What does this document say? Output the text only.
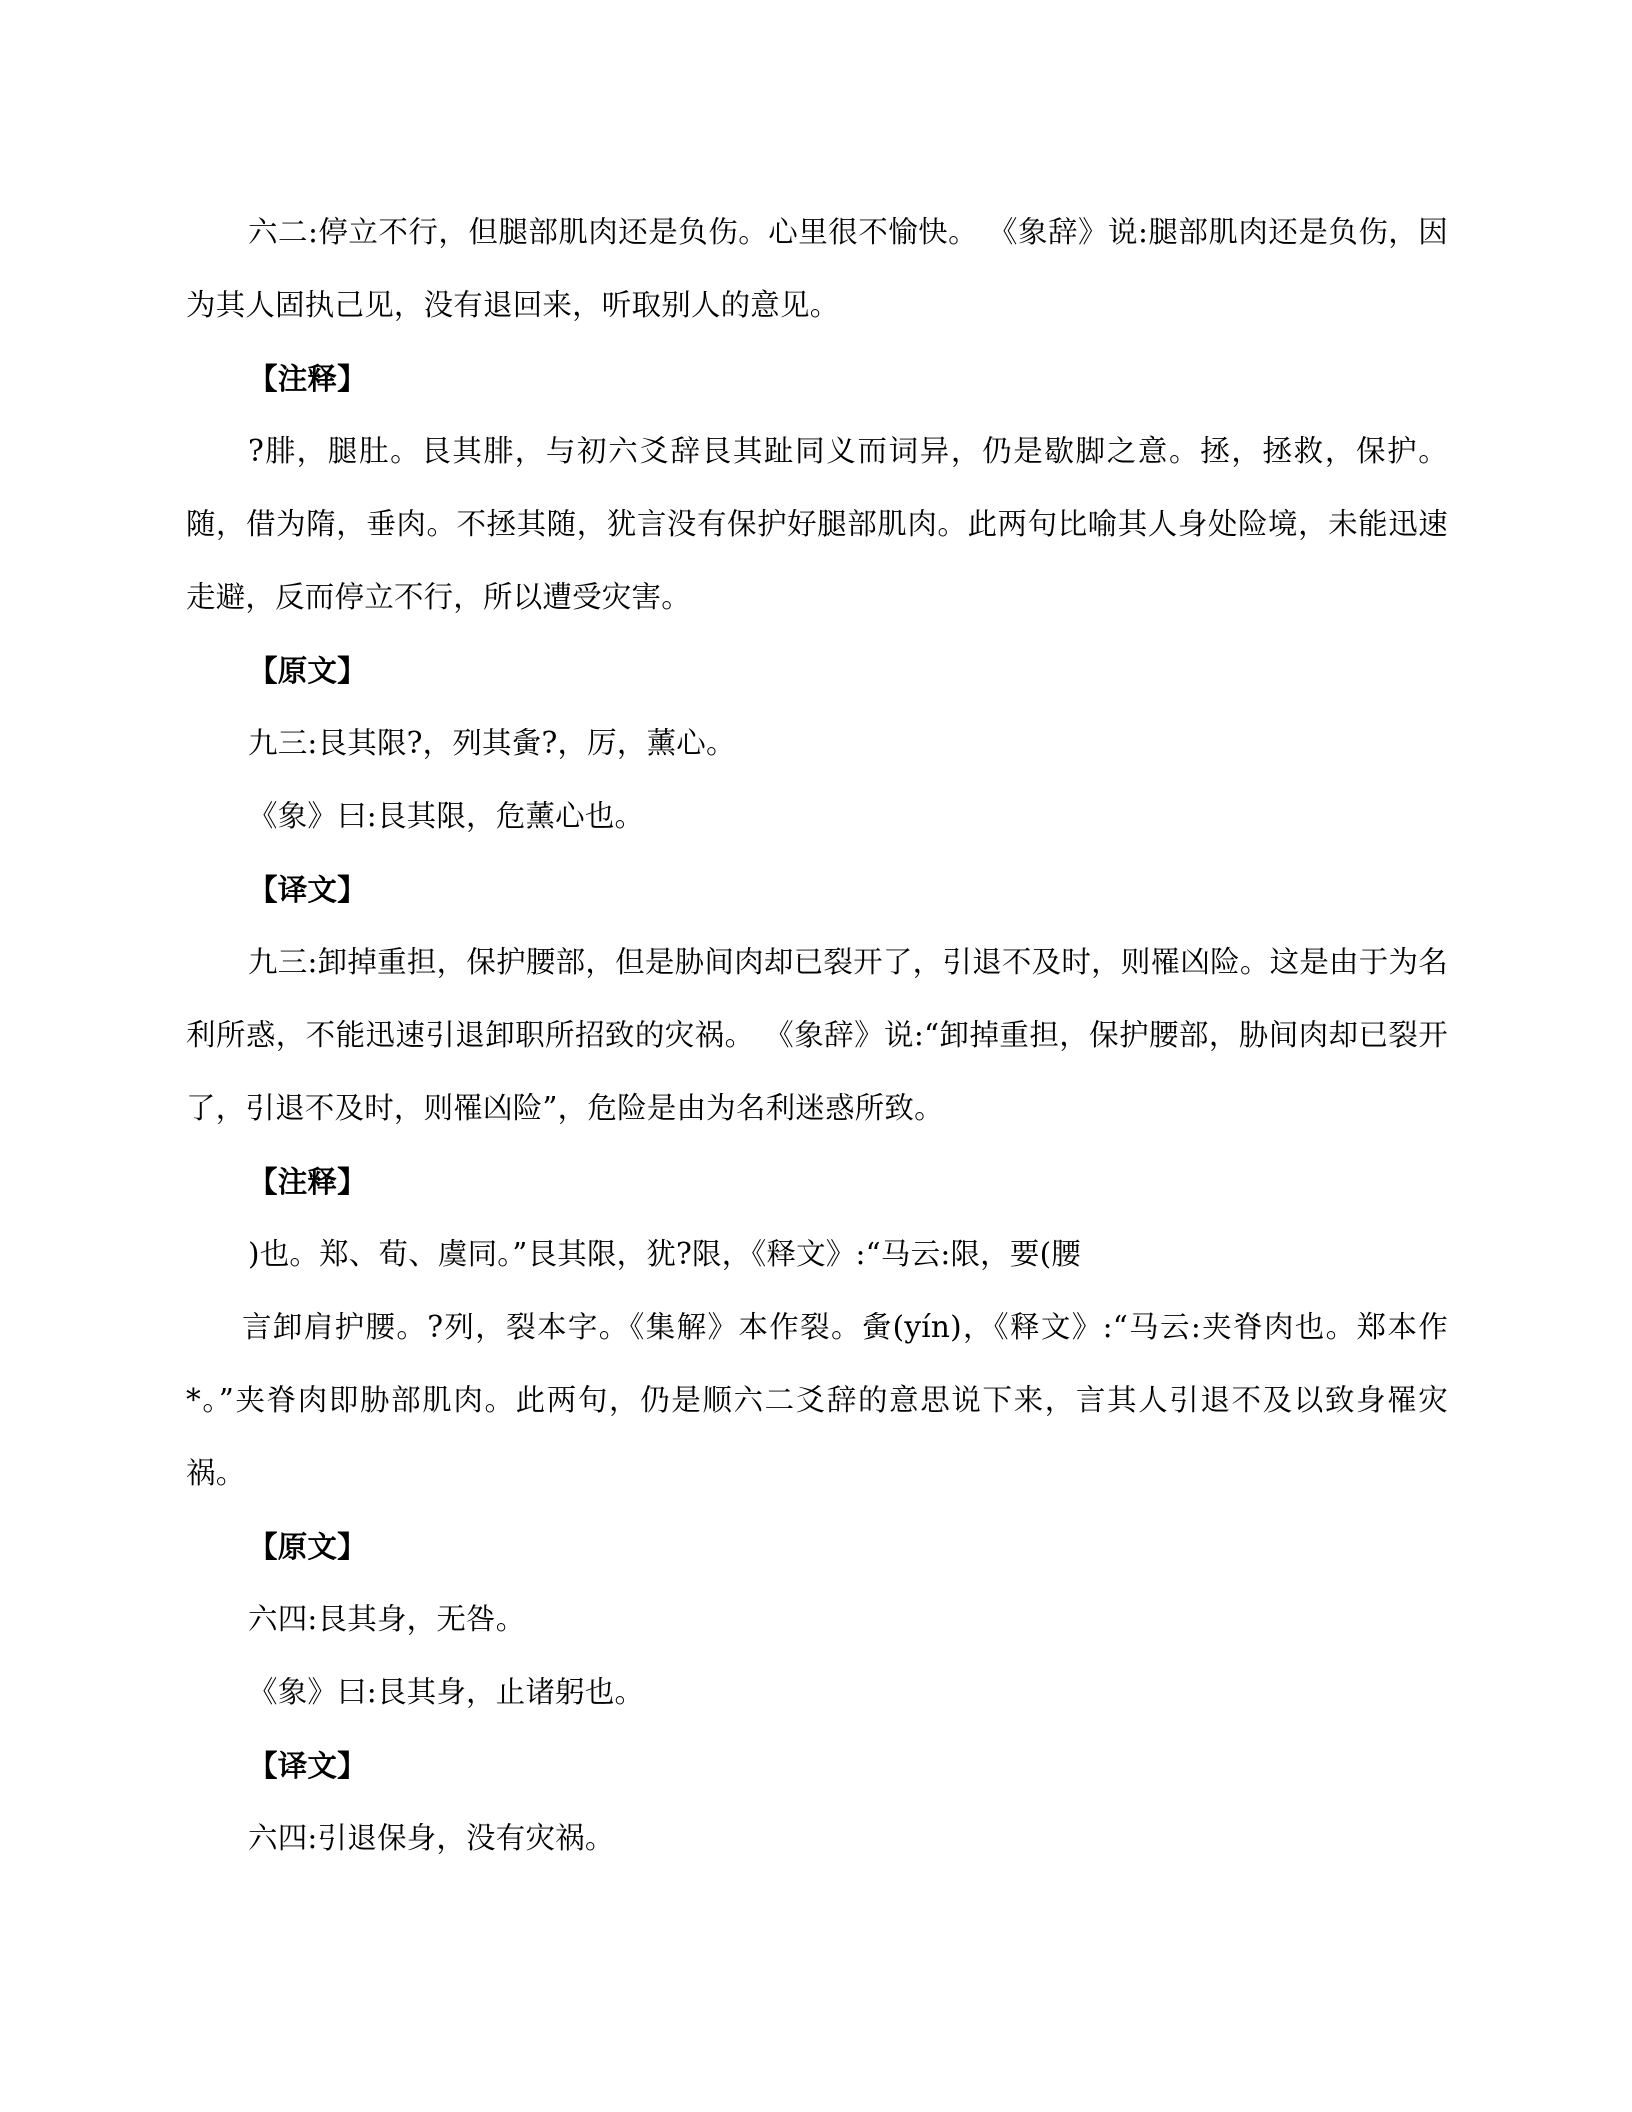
六二:停立不行，但腿部肌肉还是负伤。心里很不愉快。 《象辞》说:腿部肌肉还是负伤，因为其人固执己见，没有退回来，听取别人的意见。

【注释】

?腓，腿肚。艮其腓，与初六爻辞艮其趾同义而词异，仍是歇脚之意。拯，拯救，保护。随，借为隋，垂肉。不拯其随，犹言没有保护好腿部肌肉。此两句比喻其人身处险境，未能迅速走避，反而停立不行，所以遭受灾害。

【原文】

九三:艮其限?，列其夤?，厉，薰心。

《象》曰:艮其限，危薰心也。

【译文】

九三:卸掉重担，保护腰部，但是胁间肉却已裂开了，引退不及时，则罹凶险。这是由于为名利所惑，不能迅速引退卸职所招致的灾祸。 《象辞》说:“卸掉重担，保护腰部，胁间肉却已裂开了，引退不及时，则罹凶险”，危险是由为名利迷惑所致。

【注释】

)也。郑、荀、虞同。”艮其限，犹?限，《释文》:“马云:限，要(腰

言卸肩护腰。?列，裂本字。《集解》本作裂。夤(yín)，《释文》:“马云:夹脊肉也。郑本作*。”夹脊肉即胁部肌肉。此两句，仍是顺六二爻辞的意思说下来，言其人引退不及以致身罹灾祸。

【原文】

六四:艮其身，无咎。

《象》曰:艮其身，止诸躬也。

【译文】

六四:引退保身，没有灾祸。
